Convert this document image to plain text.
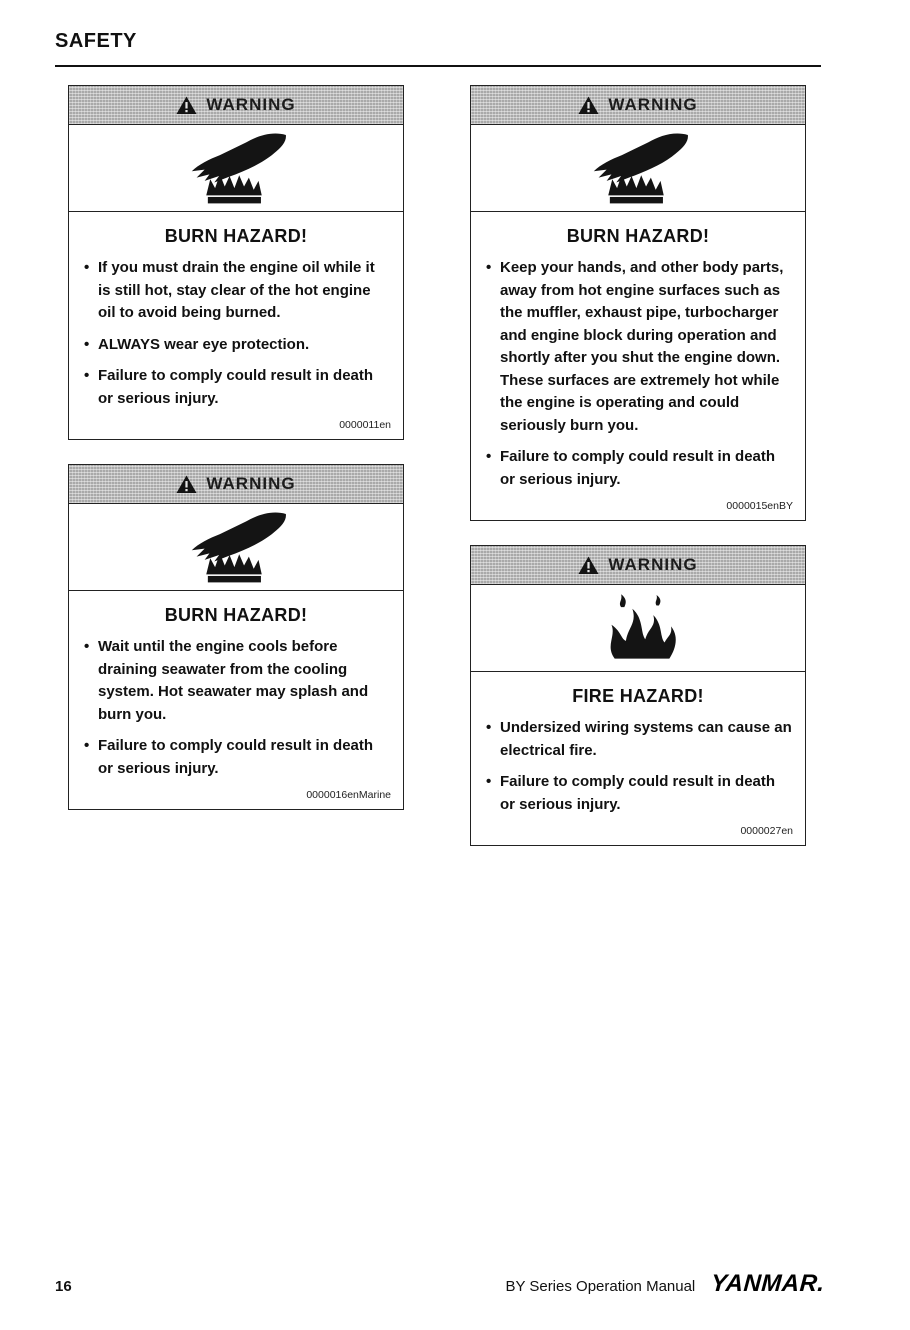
SAFETY
WARNING
BURN HAZARD!
• If you must drain the engine oil while it is still hot, stay clear of the hot engine oil to avoid being burned.
• ALWAYS wear eye protection.
• Failure to comply could result in death or serious injury.
0000011en
WARNING
BURN HAZARD!
• Wait until the engine cools before draining seawater from the cooling system. Hot seawater may splash and burn you.
• Failure to comply could result in death or serious injury.
0000016enMarine
WARNING
BURN HAZARD!
• Keep your hands, and other body parts, away from hot engine surfaces such as the muffler, exhaust pipe, turbocharger and engine block during operation and shortly after you shut the engine down. These surfaces are extremely hot while the engine is operating and could seriously burn you.
• Failure to comply could result in death or serious injury.
0000015enBY
WARNING
FIRE HAZARD!
• Undersized wiring systems can cause an electrical fire.
• Failure to comply could result in death or serious injury.
0000027en
16	BY Series Operation Manual YANMAR.
